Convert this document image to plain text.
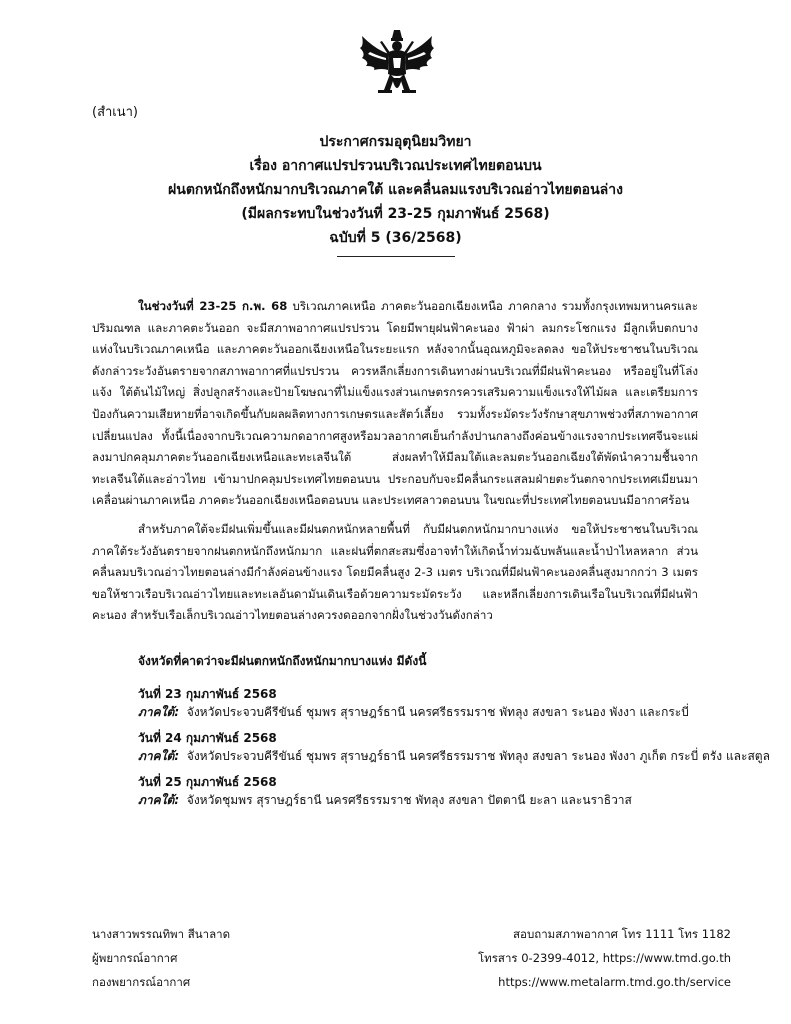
(สำเนา)
ประกาศกรมอุตุนิยมวิทยา
เรื่อง อากาศแปรปรวนบริเวณประเทศไทยตอนบน
ฝนตกหนักถึงหนักมากบริเวณภาคใต้ และคลื่นลมแรงบริเวณอ่าวไทยตอนล่าง
(มีผลกระทบในช่วงวันที่ 23-25 กุมภาพันธ์ 2568)
ฉบับที่ 5 (36/2568)

ในช่วงวันที่ 23-25 ก.พ. 68 บริเวณภาคเหนือ ภาคตะวันออกเฉียงเหนือ ภาคกลาง รวมทั้งกรุงเทพมหานครและปริมณฑล และภาคตะวันออก จะมีสภาพอากาศแปรปรวน โดยมีพายุฝนฟ้าคะนอง ฟ้าผ่า ลมกระโชกแรง มีลูกเห็บตกบางแห่งในบริเวณภาคเหนือ และภาคตะวันออกเฉียงเหนือในระยะแรก หลังจากนั้นอุณหภูมิจะลดลง ขอให้ประชาชนในบริเวณดังกล่าวระวังอันตรายจากสภาพอากาศที่แปรปรวน ควรหลีกเลี่ยงการเดินทางผ่านบริเวณที่มีฝนฟ้าคะนอง หรืออยู่ในที่โล่งแจ้ง ใต้ต้นไม้ใหญ่ สิ่งปลูกสร้างและป้ายโฆษณาที่ไม่แข็งแรงส่วนเกษตรกรควรเสริมความแข็งแรงให้ไม้ผล และเตรียมการป้องกันความเสียหายที่อาจเกิดขึ้นกับผลผลิตทางการเกษตรและสัตว์เลี้ยง รวมทั้งระมัดระวังรักษาสุขภาพช่วงที่สภาพอากาศเปลี่ยนแปลง ทั้งนี้เนื่องจากบริเวณความกดอากาศสูงหรือมวลอากาศเย็นกำลังปานกลางถึงค่อนข้างแรงจากประเทศจีนจะแผ่ลงมาปกคลุมภาคตะวันออกเฉียงเหนือและทะเลจีนใต้ ส่งผลทำให้มีลมใต้และลมตะวันออกเฉียงใต้พัดนำความชื้นจากทะเลจีนใต้และอ่าวไทย เข้ามาปกคลุมประเทศไทยตอนบน ประกอบกับจะมีคลื่นกระแสลมฝ่ายตะวันตกจากประเทศเมียนมาเคลื่อนผ่านภาคเหนือ ภาคตะวันออกเฉียงเหนือตอนบน และประเทศลาวตอนบน ในขณะที่ประเทศไทยตอนบนมีอากาศร้อน

สำหรับภาคใต้จะมีฝนเพิ่มขึ้นและมีฝนตกหนักหลายพื้นที่ กับมีฝนตกหนักมากบางแห่ง ขอให้ประชาชนในบริเวณภาคใต้ระวังอันตรายจากฝนตกหนักถึงหนักมาก และฝนที่ตกสะสมซึ่งอาจทำให้เกิดน้ำท่วมฉับพลันและน้ำป่าไหลหลาก ส่วนคลื่นลมบริเวณอ่าวไทยตอนล่างมีกำลังค่อนข้างแรง โดยมีคลื่นสูง 2-3 เมตร บริเวณที่มีฝนฟ้าคะนองคลื่นสูงมากกว่า 3 เมตร ขอให้ชาวเรือบริเวณอ่าวไทยและทะเลอันดามันเดินเรือด้วยความระมัดระวัง และหลีกเลี่ยงการเดินเรือในบริเวณที่มีฝนฟ้าคะนอง สำหรับเรือเล็กบริเวณอ่าวไทยตอนล่างควรงดออกจากฝั่งในช่วงวันดังกล่าว

จังหวัดที่คาดว่าจะมีฝนตกหนักถึงหนักมากบางแห่ง มีดังนี้
วันที่ 23 กุมภาพันธ์ 2568
ภาคใต้: จังหวัดประจวบคีรีขันธ์ ชุมพร สุราษฎร์ธานี นครศรีธรรมราช พัทลุง สงขลา ระนอง พังงา และกระบี่
วันที่ 24 กุมภาพันธ์ 2568
ภาคใต้: จังหวัดประจวบคีรีขันธ์ ชุมพร สุราษฎร์ธานี นครศรีธรรมราช พัทลุง สงขลา ระนอง พังงา ภูเก็ต กระบี่ ตรัง และสตูล
วันที่ 25 กุมภาพันธ์ 2568
ภาคใต้: จังหวัดชุมพร สุราษฎร์ธานี นครศรีธรรมราช พัทลุง สงขลา ปัตตานี ยะลา และนราธิวาส
นางสาวพรรณทิพา สีนาลาด
ผู้พยากรณ์อากาศ
กองพยากรณ์อากาศ
สอบถามสภาพอากาศ โทร 1111 โทร 1182
โทรสาร 0-2399-4012, https://www.tmd.go.th
https://www.metalarm.tmd.go.th/service
